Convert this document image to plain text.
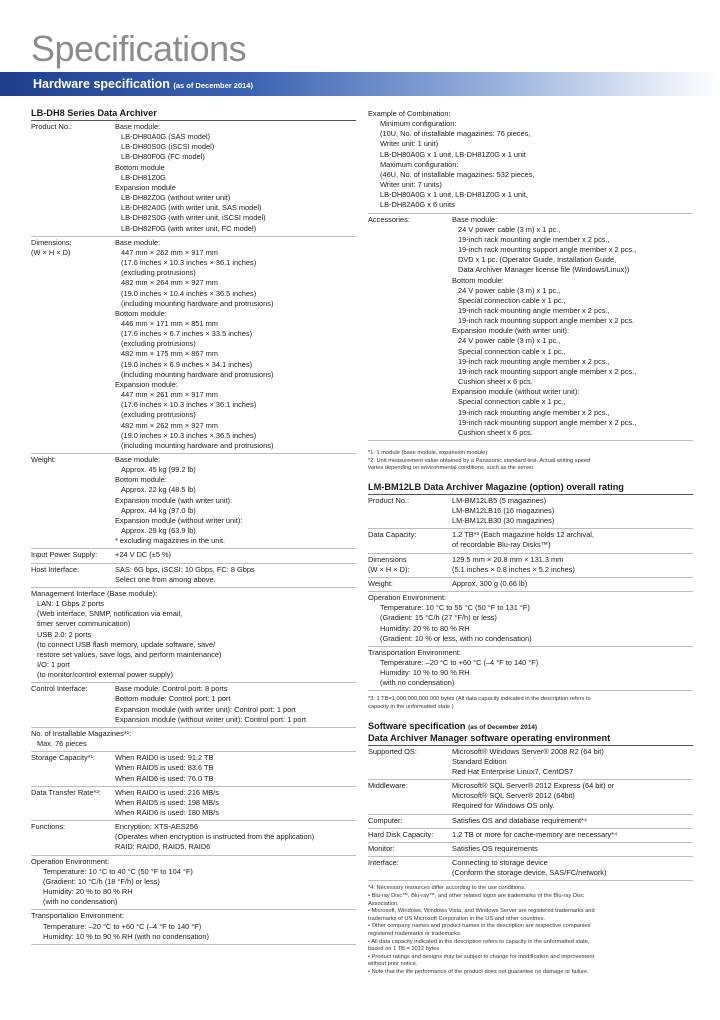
Specifications
Hardware specification (as of December 2014)
LB-DH8 Series Data Archiver
Product No.:	Base module:
LB-DH80A0G (SAS model)
LB-DH80S0G (iSCSI model)
LB-DH80F0G (FC model)
Bottom module
LB-DH81Z0G
Expansion module
LB-DH82Z0G (without writer unit)
LB-DH82A0G (with writer unit, SAS model)
LB-DH82S0G (with writer unit, iSCSI model)
LB-DH82F0G (with writer unit, FC model)
Dimensions:
(W × H × D)
Base module:
447 mm × 262 mm × 917 mm
(17.6 inches × 10.3 inches × 36.1 inches)
(excluding protrusions)
482 mm × 264 mm × 927 mm
(19.0 inches × 10.4 inches × 36.5 inches)
(including mounting hardware and protrusions)
Bottom module:
446 mm × 171 mm × 851 mm
(17.6 inches × 6.7 inches × 33.5 inches)
(excluding protrusions)
482 mm × 175 mm × 867 mm
(19.0 inches × 6.9 inches × 34.1 inches)
(including mounting hardware and protrusions)
Expansion module:
447 mm × 261 mm × 917 mm
(17.6 inches × 10.3 inches × 36.1 inches)
(excluding protrusions)
482 mm × 262 mm × 927 mm
(19.0 inches × 10.3 inches × 36.5 inches)
(including mounting hardware and protrusions)
Weight:	Base module:
Approx. 45 kg (99.2 lb)
Bottom module:
Approx. 22 kg (48.5 lb)
Expansion module (with writer unit):
Approx. 44 kg (97.0 lb)
Expansion module (without writer unit):
Approx. 29 kg (63.9 lb)
* excluding magazines in the unit.
Input Power Supply:	+24 V DC (±5 %)
Host Interface:	SAS: 6G bps, iSCSI: 10 Gbps, FC: 8 Gbps
Select one from among above.
Management Interface (Base module):
LAN: 1 Gbps 2 ports
(Web interface, SNMP, notification via email,
timer server communication)
USB 2.0: 2 ports
(to connect USB flash memory, update software, save/
restore set values, save logs, and perform maintenance)
I/O: 1 port
(to monitor/control external power supply)
Control Interface:	Base module: Control port: 8 ports
Bottom module: Control port: 1 port
Expansion module (with writer unit): Control port: 1 port
Expansion module (without writer unit): Control port: 1 port
No. of Installable Magazines*¹:
Max. 76 pieces
Storage Capacity*¹:	When RAID0 is used: 91.2 TB
When RAID5 is used: 83.6 TB
When RAID6 is used: 76.0 TB
Data Transfer Rate*²:	When RAID0 is used: 216 MB/s
When RAID5 is used: 198 MB/s
When RAID6 is used: 180 MB/s
Functions:	Encryption: XTS-AES256
(Operates when encryption is instructed from the application)
RAID: RAID0, RAID5, RAID6
Operation Environment:
Temperature: 10 °C to 40 °C (50 °F to 104 °F)
(Gradient: 10 °C/h (18 °F/h) or less)
Humidity: 20 % to 80 % RH
(with no condensation)
Transportation Environment:
Temperature: –20 °C to +60 °C (–4 °F to 140 °F)
Humidity: 10 % to 90 % RH (with no condensation)
Example of Combination:
Minimum configuration:
(10U, No. of installable magazines: 76 pieces,
Writer unit: 1 unit)
LB-DH80A0G x 1 unit, LB-DH81Z0G x 1 unit
Maximum configuration:
(46U, No. of installable magazines: 532 pieces,
Writer unit: 7 units)
LB-DH80A0G x 1 unit, LB-DH81Z0G x 1 unit,
LB-DH82A0G x 6 units
Accessories:	Base module:
24 V power cable (3 m) x 1 pc.,
19-inch rack mounting angle member x 2 pcs.,
19-inch rack mounting support angle member x 2 pcs.,
DVD x 1 pc. (Operator Guide, Installation Guide,
Data Archiver Manager license file (Windows/Linux))
Bottom module:
24 V power cable (3 m) x 1 pc.,
Special connection cable x 1 pc.,
19-inch rack mounting angle member x 2 pcs.,
19-inch rack mounting support angle member x 2 pcs.
Expansion module (with writer unit):
24 V power cable (3 m) x 1 pc.,
Special connection cable x 1 pc.,
19-inch rack mounting angle member x 2 pcs.,
19-inch rack mounting support angle member x 2 pcs.,
Cushion sheet x 6 pcs.
Expansion module (without writer unit):
Special connection cable x 1 pc.,
19-inch rack mounting angle member x 2 pcs.,
19-inch rack mounting support angle member x 2 pcs.,
Cushion sheet x 6 pcs.
*1: 1 module (base module, expansion module)
*2: Unit measurement value obtained by a Panasonic standard test. Actual writing speed
varies depending on environmental conditions, such as the server.
LM-BM12LB Data Archiver Magazine (option) overall rating
Product No.:	LM-BM12LB5 (5 magazines)
LM-BM12LB16 (16 magazines)
LM-BM12LB30 (30 magazines)
Data Capacity:	1.2 TB*³ (Each magazine holds 12 archival,
of recordable Blu-ray Disks™)
Dimensions
(W × H × D):
129.5 mm × 20.8 mm × 131.3 mm
(5.1 inches × 0.8 inches × 5.2 inches)
Weight:	Approx. 300 g (0.66 lb)
Operation Environment:
Temperature: 10 °C to 55 °C (50 °F to 131 °F)
(Gradient: 15 °C/h (27 °F/h) or less)
Humidity: 20 % to 80 % RH
(Gradient: 10 % or less, with no condensation)
Transportation Environment:
Temperature: –20 °C to +60 °C (–4 °F to 140 °F)
Humidity: 10 % to 90 % RH
(with no condensation)
*3: 1 TB=1,000,000,000,000 bytes (All data capacity indicated in the description refers to
capacity in the unformatted state.)
Software specification (as of December 2014)
Data Archiver Manager software operating environment
Supported OS:	Microsoft® Windows Server® 2008 R2 (64 bit)
Standard Edition
Red Hat Enterprise Linux7, CentOS7
Middleware:	Microsoft® SQL Server® 2012 Express (64 bit) or
Microsoft® SQL Server® 2012 (64bit)
Required for Windows OS only.
Computer:	Satisfies OS and database requirement*⁴
Hard Disk Capacity:	1.2 TB or more for cache-memory are necessary*⁴
Monitor:	Satisfies OS requirements
Interface:	Connecting to storage device
(Conform the storage device, SAS/FC/network)
*4: Necessary resources differ according to the use conditions.
• Blu-ray Disc™, Blu-ray™, and other related logos are trademarks of the Blu-ray Disc
Association.
• Microsoft, Windows, Windows Vista, and Windows Server are registered trademarks and
trademarks of US Microsoft Corporation in the US and other countries.
• Other company names and product names in the description are respective companies'
registered trademarks or trademarks.
• All data capacity indicated in the description refers to capacity in the unformatted state,
based on 1 TB = 1012 bytes.
• Product ratings and designs may be subject to change for modification and improvement
without prior notice.
• Note that the life performance of the product does not guarantee no damage or failure.
